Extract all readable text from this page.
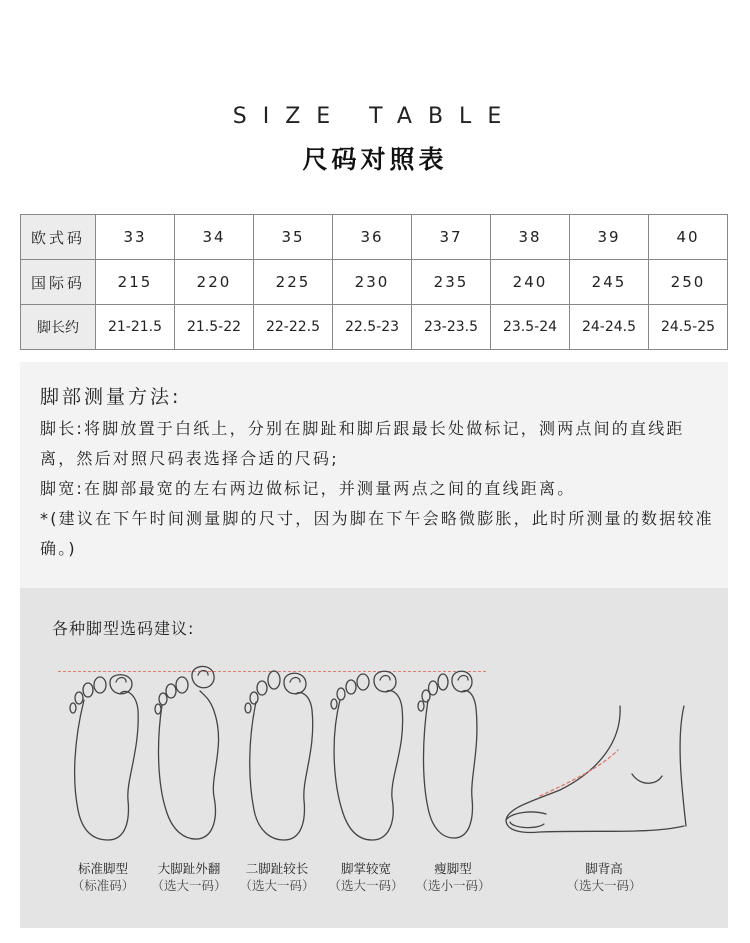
SIZE TABLE
尺码对照表
欧式码	33	34	35	36	37	38	39	40
国际码	215	220	225	230	235	240	245	250
脚长约	21-21.5	21.5-22	22-22.5	22.5-23	23-23.5	23.5-24	24-24.5	24.5-25
脚部测量方法:

脚长:将脚放置于白纸上，分别在脚趾和脚后跟最长处做标记，测两点间的直线距离，然后对照尺码表选择合适的尺码;

脚宽:在脚部最宽的左右两边做标记，并测量两点之间的直线距离。

*(建议在下午时间测量脚的尺寸，因为脚在下午会略微膨胀，此时所测量的数据较准确。)

各种脚型选码建议:
标准脚型
（标准码）
大脚趾外翻
（选大一码）
二脚趾较长
（选大一码）
脚掌较宽
（选大一码）
瘦脚型
（选小一码）
脚背高
（选大一码）
